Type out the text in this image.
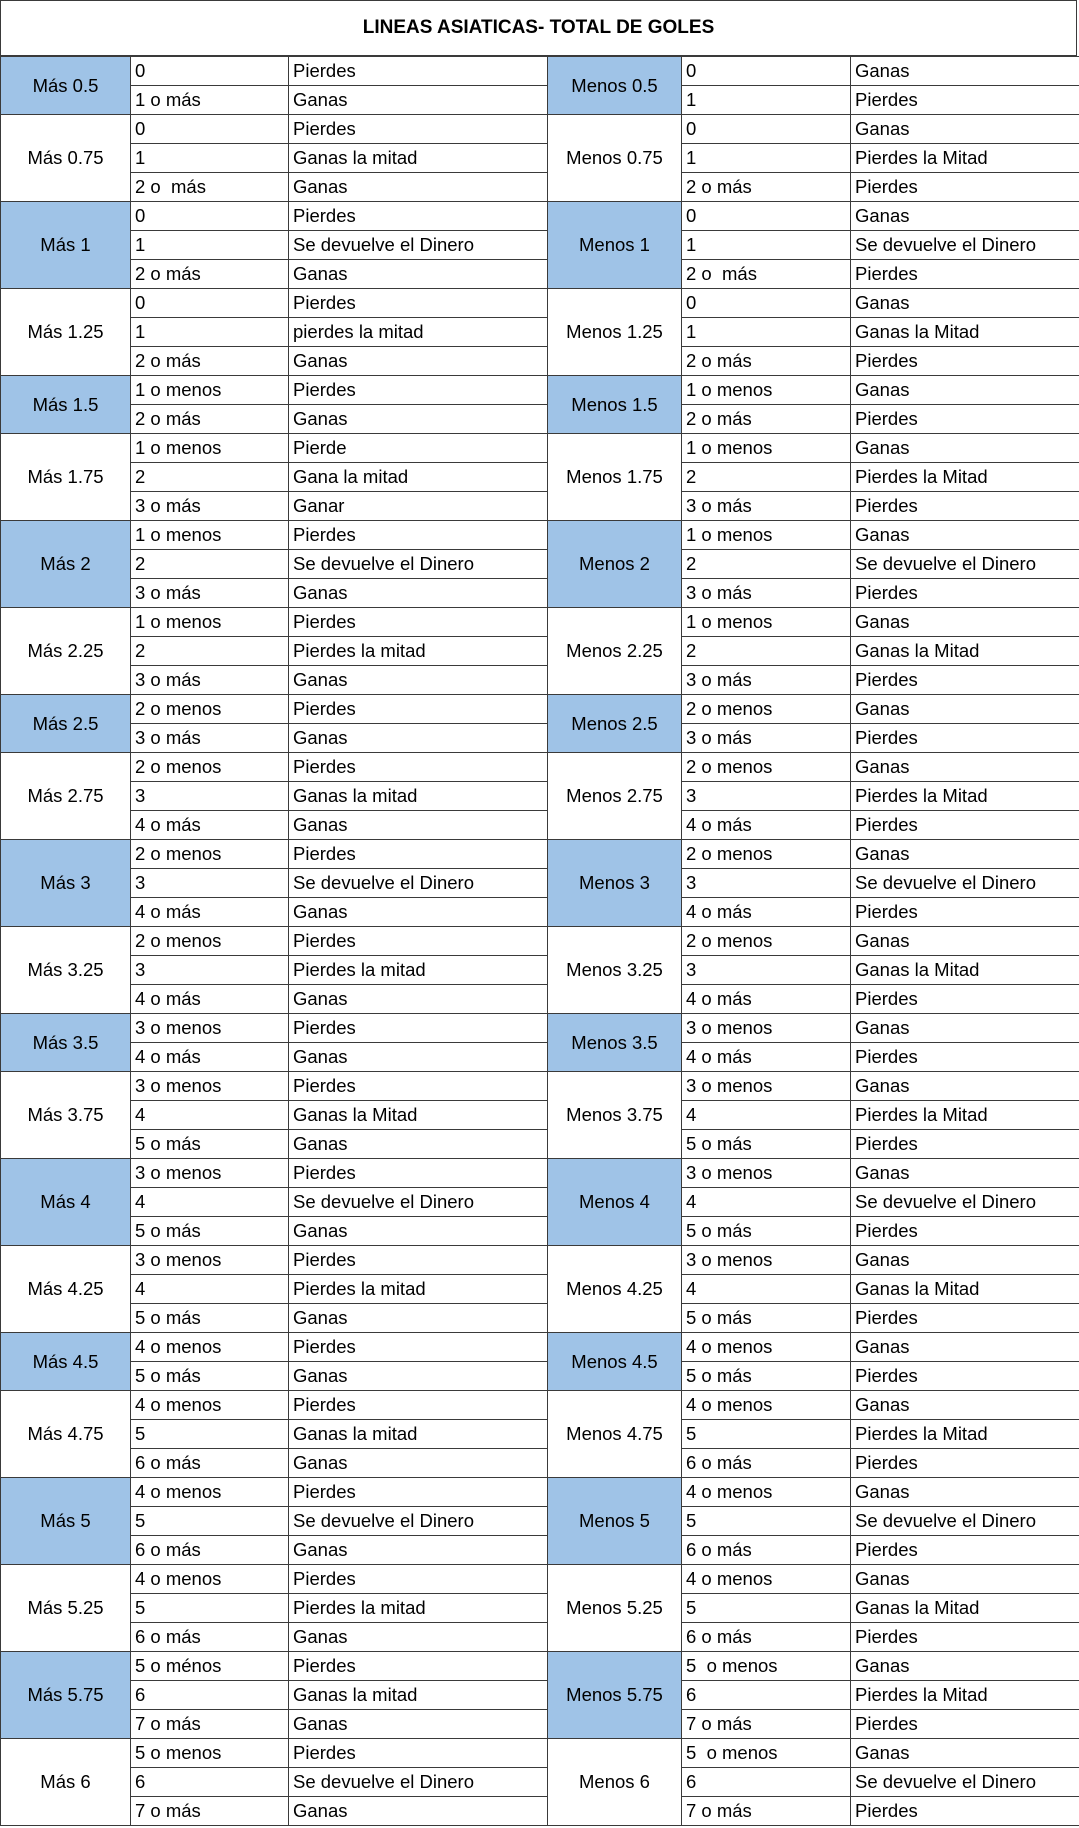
LINEAS ASIATICAS- TOTAL DE GOLES
Más 0.5	0	Pierdes	Menos 0.5	0	Ganas
	1 o más	Ganas		1	Pierdes
Más 0.75	0	Pierdes	Menos 0.75	0	Ganas
	1	Ganas la mitad		1	Pierdes la Mitad
	2 o  más	Ganas		2 o más	Pierdes
Más 1	0	Pierdes	Menos 1	0	Ganas
	1	Se devuelve el Dinero		1	Se devuelve el Dinero
	2 o más	Ganas		2 o  más	Pierdes
Más 1.25	0	Pierdes	Menos 1.25	0	Ganas
	1	pierdes la mitad		1	Ganas la Mitad
	2 o más	Ganas		2 o más	Pierdes
Más 1.5	1 o menos	Pierdes	Menos 1.5	1 o menos	Ganas
	2 o más	Ganas		2 o más	Pierdes
Más 1.75	1 o menos	Pierde	Menos 1.75	1 o menos	Ganas
	2	Gana la mitad		2	Pierdes la Mitad
	3 o más	Ganar		3 o más	Pierdes
Más 2	1 o menos	Pierdes	Menos 2	1 o menos	Ganas
	2	Se devuelve el Dinero		2	Se devuelve el Dinero
	3 o más	Ganas		3 o más	Pierdes
Más 2.25	1 o menos	Pierdes	Menos 2.25	1 o menos	Ganas
	2	Pierdes la mitad		2	Ganas la Mitad
	3 o más	Ganas		3 o más	Pierdes
Más 2.5	2 o menos	Pierdes	Menos 2.5	2 o menos	Ganas
	3 o más	Ganas		3 o más	Pierdes
Más 2.75	2 o menos	Pierdes	Menos 2.75	2 o menos	Ganas
	3	Ganas la mitad		3	Pierdes la Mitad
	4 o más	Ganas		4 o más	Pierdes
Más 3	2 o menos	Pierdes	Menos 3	2 o menos	Ganas
	3	Se devuelve el Dinero		3	Se devuelve el Dinero
	4 o más	Ganas		4 o más	Pierdes
Más 3.25	2 o menos	Pierdes	Menos 3.25	2 o menos	Ganas
	3	Pierdes la mitad		3	Ganas la Mitad
	4 o más	Ganas		4 o más	Pierdes
Más 3.5	3 o menos	Pierdes	Menos 3.5	3 o menos	Ganas
	4 o más	Ganas		4 o más	Pierdes
Más 3.75	3 o menos	Pierdes	Menos 3.75	3 o menos	Ganas
	4	Ganas la Mitad		4	Pierdes la Mitad
	5 o más	Ganas		5 o más	Pierdes
Más 4	3 o menos	Pierdes	Menos 4	3 o menos	Ganas
	4	Se devuelve el Dinero		4	Se devuelve el Dinero
	5 o más	Ganas		5 o más	Pierdes
Más 4.25	3 o menos	Pierdes	Menos 4.25	3 o menos	Ganas
	4	Pierdes la mitad		4	Ganas la Mitad
	5 o más	Ganas		5 o más	Pierdes
Más 4.5	4 o menos	Pierdes	Menos 4.5	4 o menos	Ganas
	5 o más	Ganas		5 o más	Pierdes
Más 4.75	4 o menos	Pierdes	Menos 4.75	4 o menos	Ganas
	5	Ganas la mitad		5	Pierdes la Mitad
	6 o más	Ganas		6 o más	Pierdes
Más 5	4 o menos	Pierdes	Menos 5	4 o menos	Ganas
	5	Se devuelve el Dinero		5	Se devuelve el Dinero
	6 o más	Ganas		6 o más	Pierdes
Más 5.25	4 o menos	Pierdes	Menos 5.25	4 o menos	Ganas
	5	Pierdes la mitad		5	Ganas la Mitad
	6 o más	Ganas		6 o más	Pierdes
Más 5.75	5 o ménos	Pierdes	Menos 5.75	5  o menos	Ganas
	6	Ganas la mitad		6	Pierdes la Mitad
	7 o más	Ganas		7 o más	Pierdes
Más 6	5 o menos	Pierdes	Menos 6	5  o menos	Ganas
	6	Se devuelve el Dinero		6	Se devuelve el Dinero
	7 o más	Ganas		7 o más	Pierdes
